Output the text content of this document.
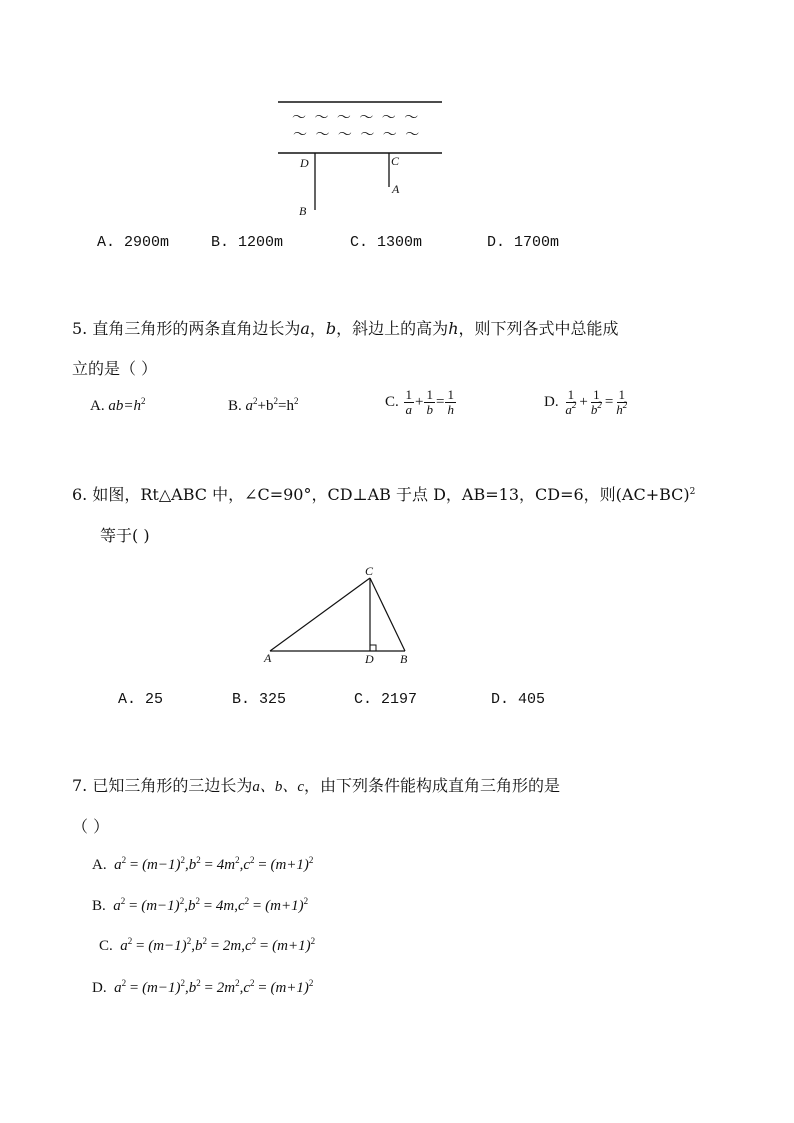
～ ～ ～ ～ ～ ～
～ ～ ～ ～ ～ ～
D	C
A
B
A. 2900m	B. 1200m	C. 1300m	D. 1700m
5. 直角三角形的两条直角边长为a，b，斜边上的高为h，则下列各式中总能成
立的是（ ）
A. $ab=h^2$	B. $a^2+b^2=h^2$	C. $\frac{1}{a} + \frac{1}{b} = \frac{1}{h}$	D. $\frac{1}{a^2} + \frac{1}{b^2} = \frac{1}{h^2}$
6. 如图，Rt△ABC 中，∠C=90°，CD⊥AB 于点 D，AB=13，CD=6，则$(AC+BC)^2$
等于( )
C
A	D B
A. 25	B. 325	C. 2197	D. 405
7. 已知三角形的三边长为a、b、c，由下列条件能构成直角三角形的是
（ ）
A. $a^2 = (m-1)^2,b^2 = 4m^2,c^2 = (m+1)^2$
B. $a^2 = (m-1)^2,b^2 = 4m,c^2 = (m+1)^2$
C. $a^2 = (m-1)^2,b^2 = 2m,c^2 = (m+1)^2$
D. $a^2 = (m-1)^2,b^2 = 2m^2,c^2 = (m+1)^2$
